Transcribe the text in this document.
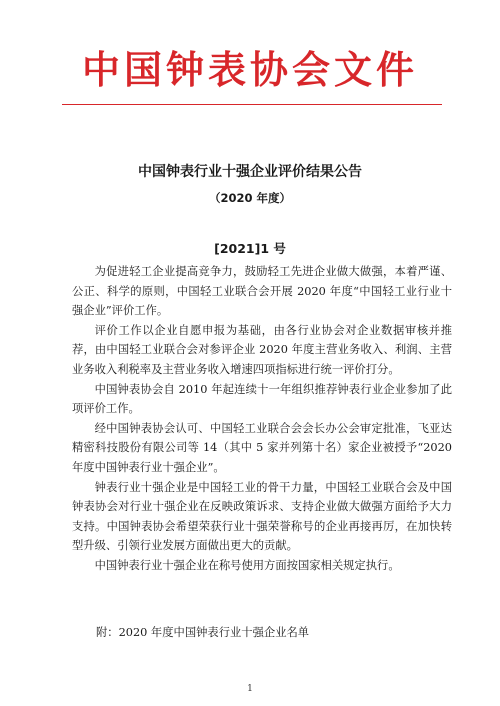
中国钟表协会文件
中国钟表行业十强企业评价结果公告
（2020 年度）
[2021]1 号

为促进轻工企业提高竞争力，鼓励轻工先进企业做大做强，本着严谨、公正、科学的原则，中国轻工业联合会开展 2020 年度“中国轻工业行业十强企业”评价工作。

评价工作以企业自愿申报为基础，由各行业协会对企业数据审核并推荐，由中国轻工业联合会对参评企业 2020 年度主营业务收入、利润、主营业务收入利税率及主营业务收入增速四项指标进行统一评价打分。

中国钟表协会自 2010 年起连续十一年组织推荐钟表行业企业参加了此项评价工作。

经中国钟表协会认可、中国轻工业联合会会长办公会审定批准，飞亚达精密科技股份有限公司等 14（其中 5 家并列第十名）家企业被授予“2020 年度中国钟表行业十强企业”。

钟表行业十强企业是中国轻工业的骨干力量，中国轻工业联合会及中国钟表协会对行业十强企业在反映政策诉求、支持企业做大做强方面给予大力支持。中国钟表协会希望荣获行业十强荣誉称号的企业再接再厉，在加快转型升级、引领行业发展方面做出更大的贡献。

中国钟表行业十强企业在称号使用方面按国家相关规定执行。

附：2020 年度中国钟表行业十强企业名单
1
